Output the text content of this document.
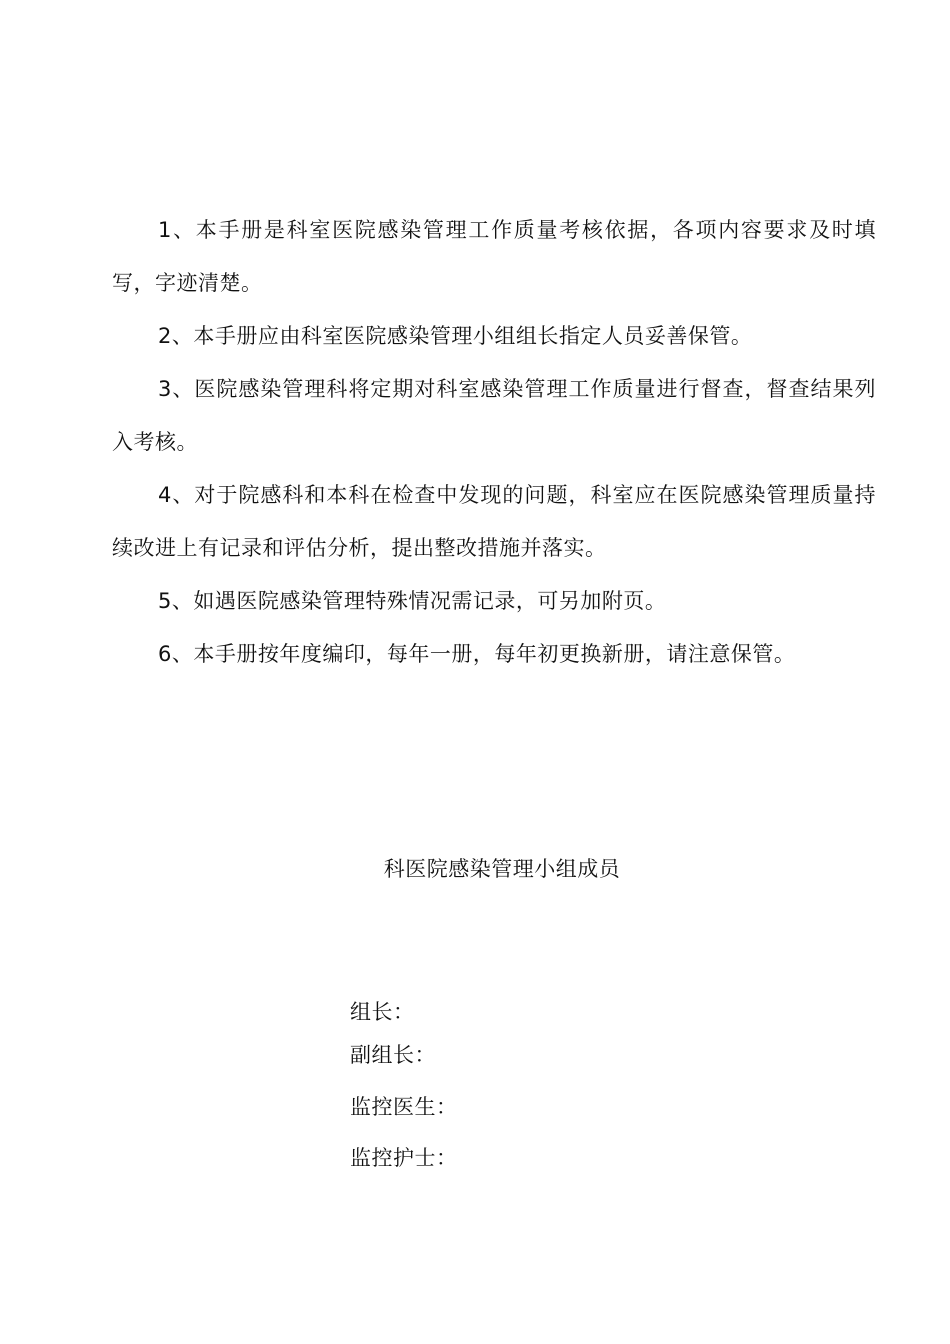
1、本手册是科室医院感染管理工作质量考核依据，各项内容要求及时填写，字迹清楚。

2、本手册应由科室医院感染管理小组组长指定人员妥善保管。

3、医院感染管理科将定期对科室感染管理工作质量进行督查，督查结果列入考核。

4、对于院感科和本科在检查中发现的问题，科室应在医院感染管理质量持续改进上有记录和评估分析，提出整改措施并落实。

5、如遇医院感染管理特殊情况需记录，可另加附页。

6、本手册按年度编印，每年一册，每年初更换新册，请注意保管。

科医院感染管理小组成员

组长：

副组长：

监控医生：

监控护士：
